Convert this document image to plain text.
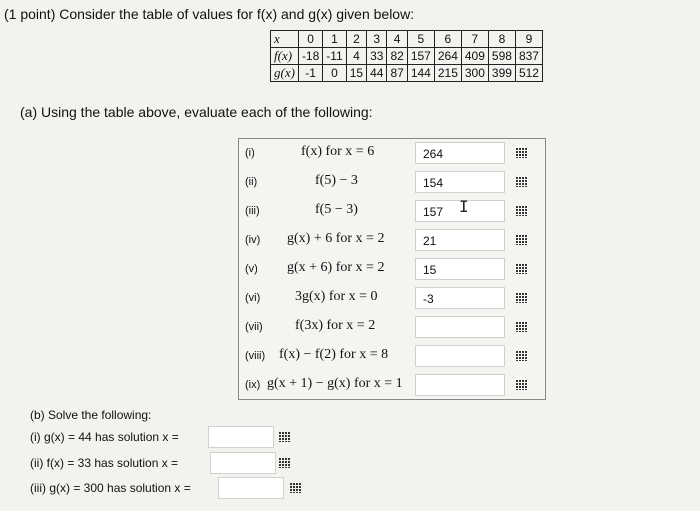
(1 point) Consider the table of values for f(x) and g(x) given below:
x	0	1	2	3	4	5	6	7	8	9
f(x)	-18	-11	4	33	82	157	264	409	598	837
g(x)	-1	0	15	44	87	144	215	300	399	512
(a) Using the table above, evaluate each of the following:
(i)	f(x) for x = 6	264
(ii)	f(5) − 3	154
(iii)	f(5 − 3)	157
(iv) g(x) + 6 for x = 2	21
(v) g(x + 6) for x = 2	15
(vi) 3g(x) for x = 0	-3
(vii) f(3x) for x = 2
(viii) f(x) − f(2) for x = 8
(ix) g(x + 1) − g(x) for x = 1
I
(b) Solve the following:
(i) g(x) = 44 has solution x =
(ii) f(x) = 33 has solution x =
(iii) g(x) = 300 has solution x =
